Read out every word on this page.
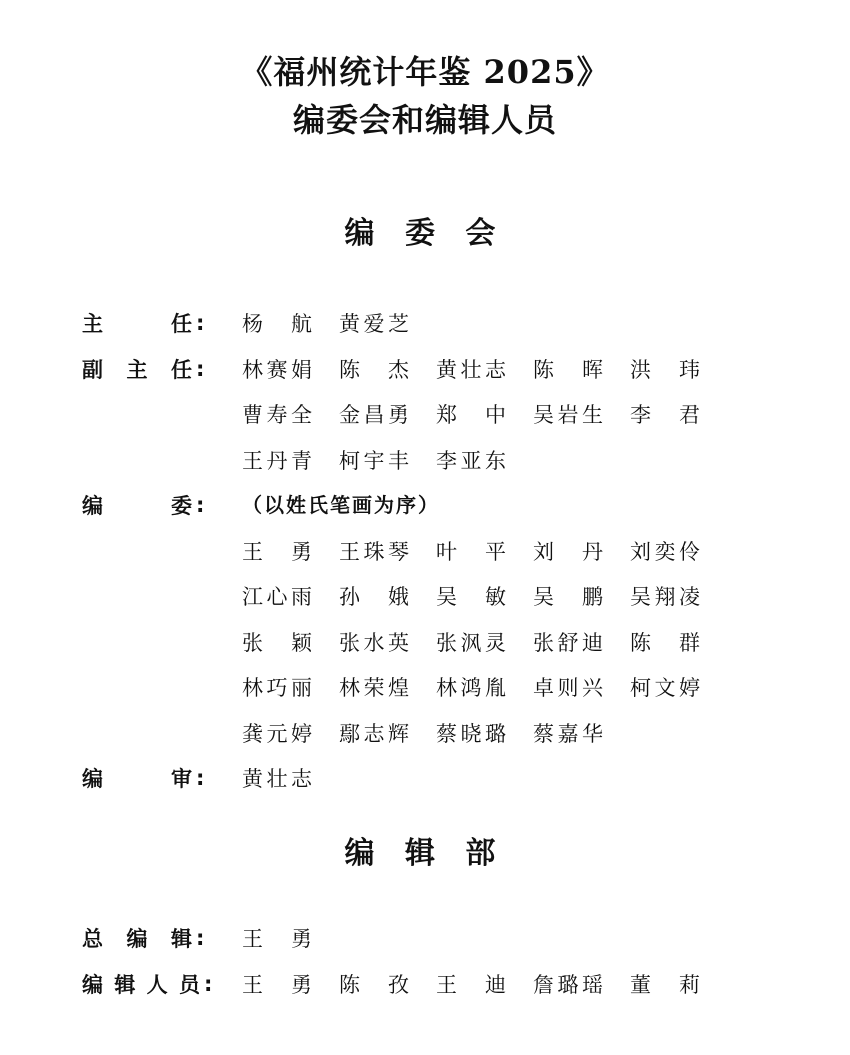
《福州统计年鉴 2025》
编委会和编辑人员
编 委 会
主	任 :	杨 航 黄 爱 芝
副 主 任 :	林 赛 娟 陈 杰 黄 壮 志 陈 晖 洪 玮
曹 寿 全 金 昌 勇 郑 中 吴 岩 生 李 君
王 丹 青 柯 宇 丰 李 亚 东
编	委 :	（以姓氏笔画为序）
王 勇 王 珠 琴 叶 平 刘 丹 刘 奕 伶
江 心 雨 孙 娥 吴 敏 吴 鹏 吴 翔 凌
张 颖 张 水 英 张 沨 灵 张 舒 迪 陈 群
林 巧 丽 林 荣 煌 林 鸿 胤 卓 则 兴 柯 文 婷
龚 元 婷 鄢 志 辉 蔡 晓 璐 蔡 嘉 华
编	审 :	黄 壮 志
编 辑 部
总 编 辑 :	王 勇
编 辑 人 员 :	王 勇 陈 孜 王 迪 詹 璐 瑶 董 莉
